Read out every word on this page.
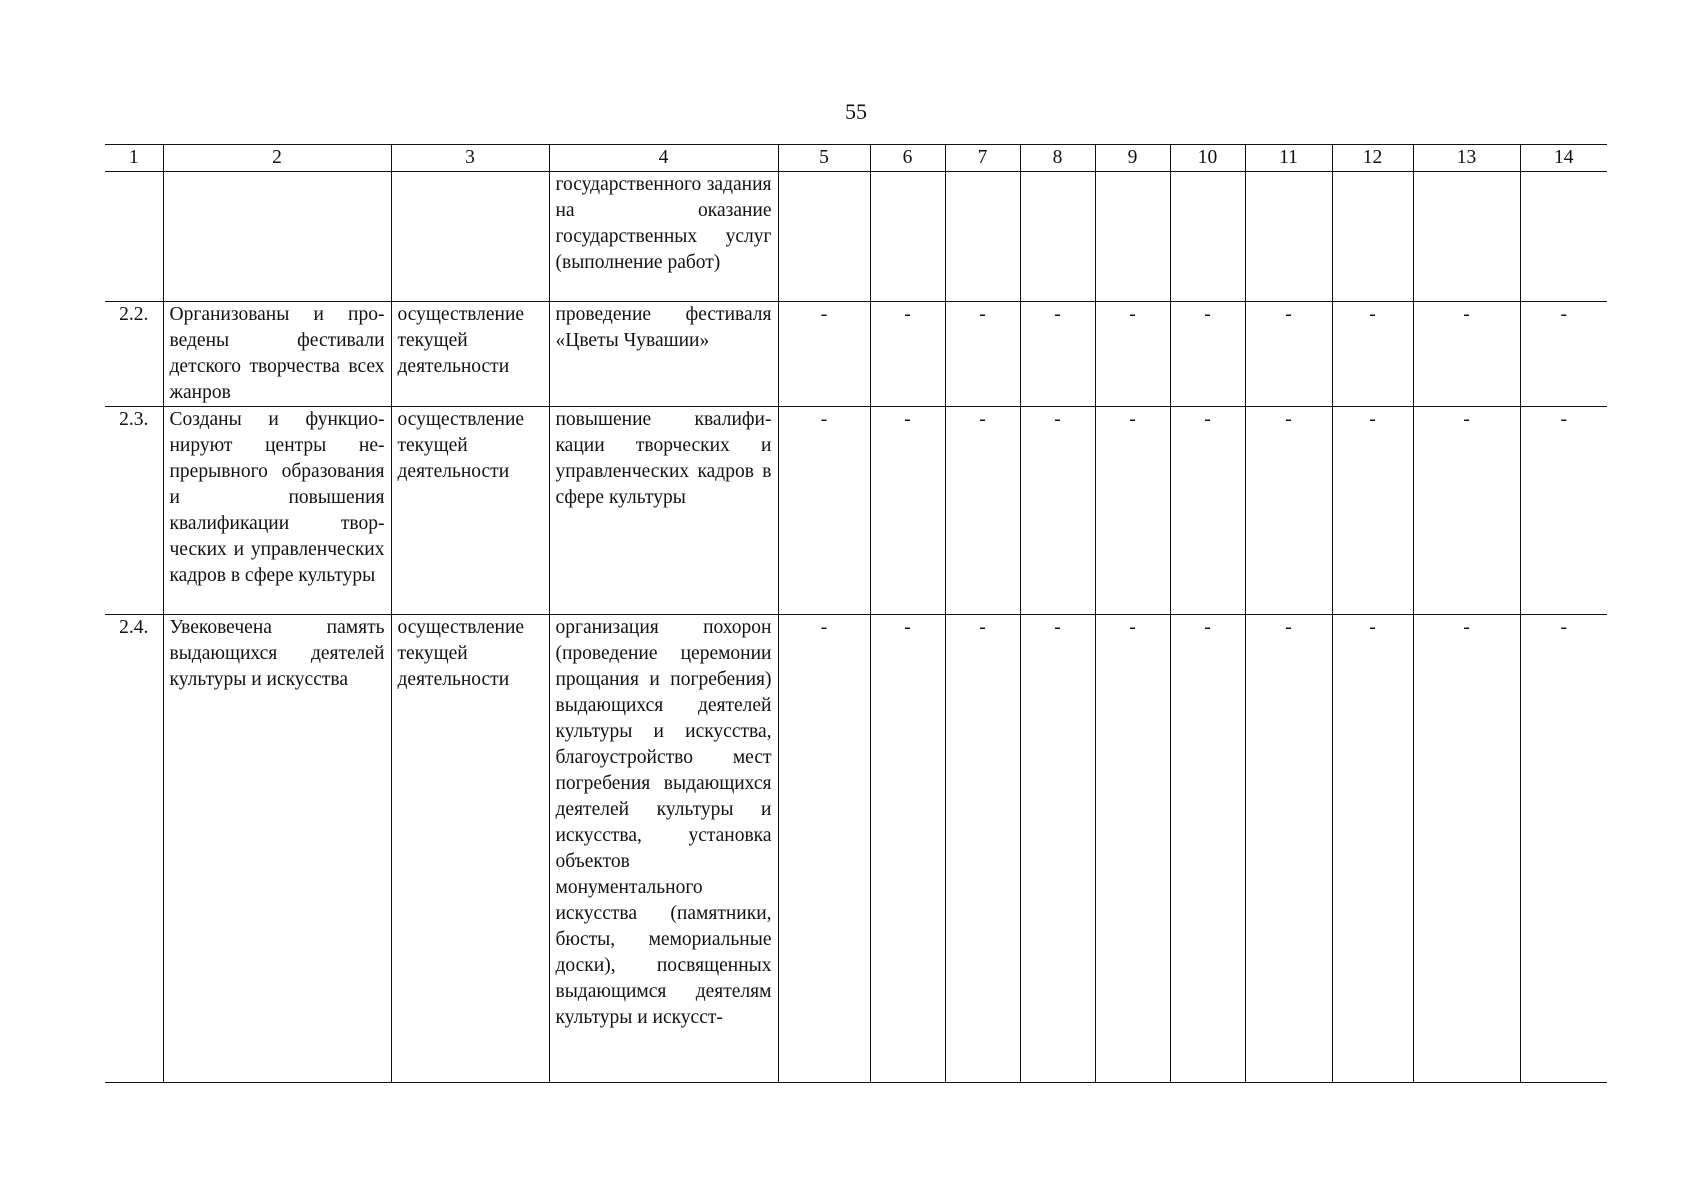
55
1	2	3	4	5	6	7	8	9	10	11	12	13	14
			государственного задания на оказание государственных услуг (выполнение работ)										
2.2.	Организованы и проведены фестивали детского творчества всех жанров	осуществление текущей деятельности	проведение фестиваля «Цветы Чувашии»	-	-	-	-	-	-	-	-	-	-
2.3.	Созданы и функционируют центры непрерывного образования и повышения квалификации творческих и управленческих кадров в сфере культуры	осуществление текущей деятельности	повышение квалификации творческих и управленческих кадров в сфере культуры	-	-	-	-	-	-	-	-	-	-
2.4.	Увековечена память выдающихся деятелей культуры и искусства	осуществление текущей деятельности	организация похорон (проведение церемонии прощания и погребения) выдающихся деятелей культуры и искусства, благоустройство мест погребения выдающихся деятелей культуры и искусства, установка объектов монументального искусства (памятники, бюсты, мемориальные доски), посвященных выдающимся деятелям культуры и искусст-	-	-	-	-	-	-	-	-	-	-
